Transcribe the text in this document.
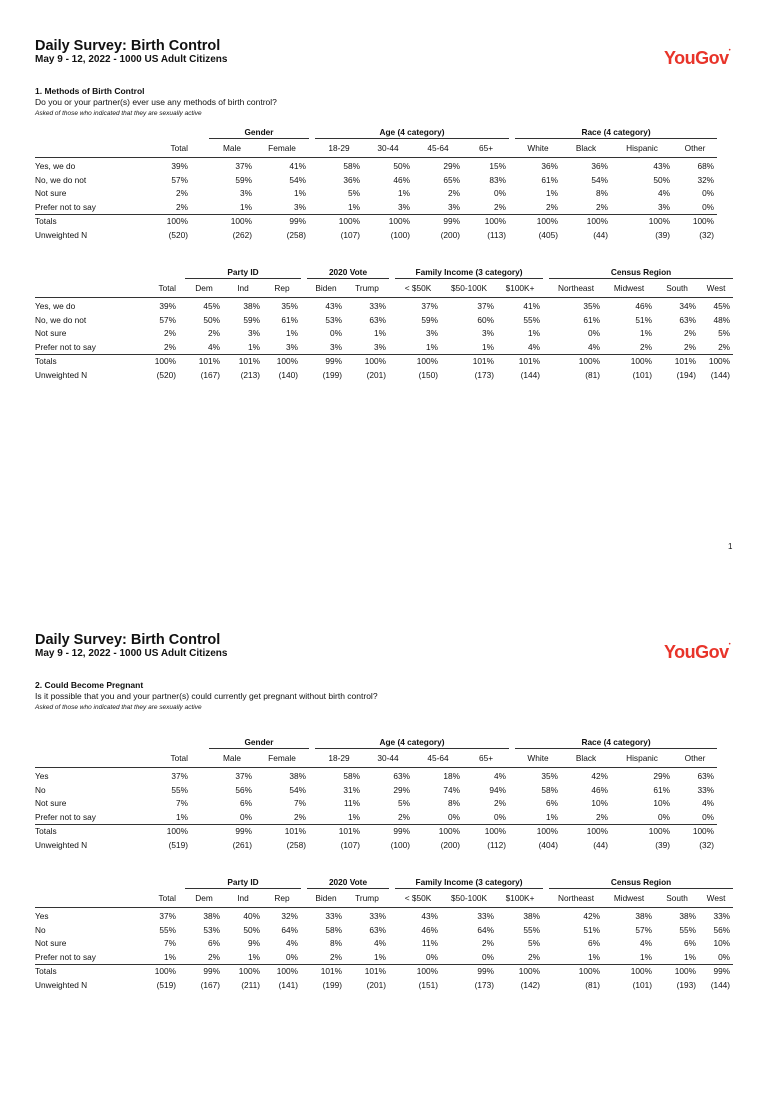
Daily Survey: Birth Control
May 9 - 12, 2022 - 1000 US Adult Citizens	YouGov•
1. Methods of Birth Control
Do you or your partner(s) ever use any methods of birth control?
Asked of those who indicated that they are sexually active
			Gender			Age (4 category)					Race (4 category)			
	Total		Male	Female		18-29	30-44	45-64	65+		White	Black	Hispanic	Other
Yes, we do	39%		37%	41%		58%	50%	29%	15%		36%	36%	43%	68%
No, we do not	57%		59%	54%		36%	46%	65%	83%		61%	54%	50%	32%
Not sure	2%		3%	1%		5%	1%	2%	0%		1%	8%	4%	0%
Prefer not to say	2%		1%	3%		1%	3%	3%	2%		2%	2%	3%	0%
Totals	100%		100%	99%		100%	100%	99%	100%		100%	100%	100%	100%
Unweighted N	(520)		(262)	(258)		(107)	(100)	(200)	(113)		(405)	(44)	(39)	(32)
			Party ID				2020 Vote			Family Income (3 category)				Census Region			
	Total		Dem	Ind	Rep		Biden	Trump		< $50K	$50-100K	$100K+		Northeast	Midwest	South	West
Yes, we do	39%		45%	38%	35%		43%	33%		37%	37%	41%		35%	46%	34%	45%
No, we do not	57%		50%	59%	61%		53%	63%		59%	60%	55%		61%	51%	63%	48%
Not sure	2%		2%	3%	1%		0%	1%		3%	3%	1%		0%	1%	2%	5%
Prefer not to say	2%		4%	1%	3%		3%	3%		1%	1%	4%		4%	2%	2%	2%
Totals	100%		101%	101%	100%		99%	100%		100%	101%	101%		100%	100%	101%	100%
Unweighted N	(520)		(167)	(213)	(140)		(199)	(201)		(150)	(173)	(144)		(81)	(101)	(194)	(144)
1
Daily Survey: Birth Control
May 9 - 12, 2022 - 1000 US Adult Citizens	YouGov•
2. Could Become Pregnant
Is it possible that you and your partner(s) could currently get pregnant without birth control?
Asked of those who indicated that they are sexually active
			Gender			Age (4 category)					Race (4 category)			
	Total		Male	Female		18-29	30-44	45-64	65+		White	Black	Hispanic	Other
Yes	37%		37%	38%		58%	63%	18%	4%		35%	42%	29%	63%
No	55%		56%	54%		31%	29%	74%	94%		58%	46%	61%	33%
Not sure	7%		6%	7%		11%	5%	8%	2%		6%	10%	10%	4%
Prefer not to say	1%		0%	2%		1%	2%	0%	0%		1%	2%	0%	0%
Totals	100%		99%	101%		101%	99%	100%	100%		100%	100%	100%	100%
Unweighted N	(519)		(261)	(258)		(107)	(100)	(200)	(112)		(404)	(44)	(39)	(32)
			Party ID				2020 Vote			Family Income (3 category)				Census Region			
	Total		Dem	Ind	Rep		Biden	Trump		< $50K	$50-100K	$100K+		Northeast	Midwest	South	West
Yes	37%		38%	40%	32%		33%	33%		43%	33%	38%		42%	38%	38%	33%
No	55%		53%	50%	64%		58%	63%		46%	64%	55%		51%	57%	55%	56%
Not sure	7%		6%	9%	4%		8%	4%		11%	2%	5%		6%	4%	6%	10%
Prefer not to say	1%		2%	1%	0%		2%	1%		0%	0%	2%		1%	1%	1%	0%
Totals	100%		99%	100%	100%		101%	101%		100%	99%	100%		100%	100%	100%	99%
Unweighted N	(519)		(167)	(211)	(141)		(199)	(201)		(151)	(173)	(142)		(81)	(101)	(193)	(144)
